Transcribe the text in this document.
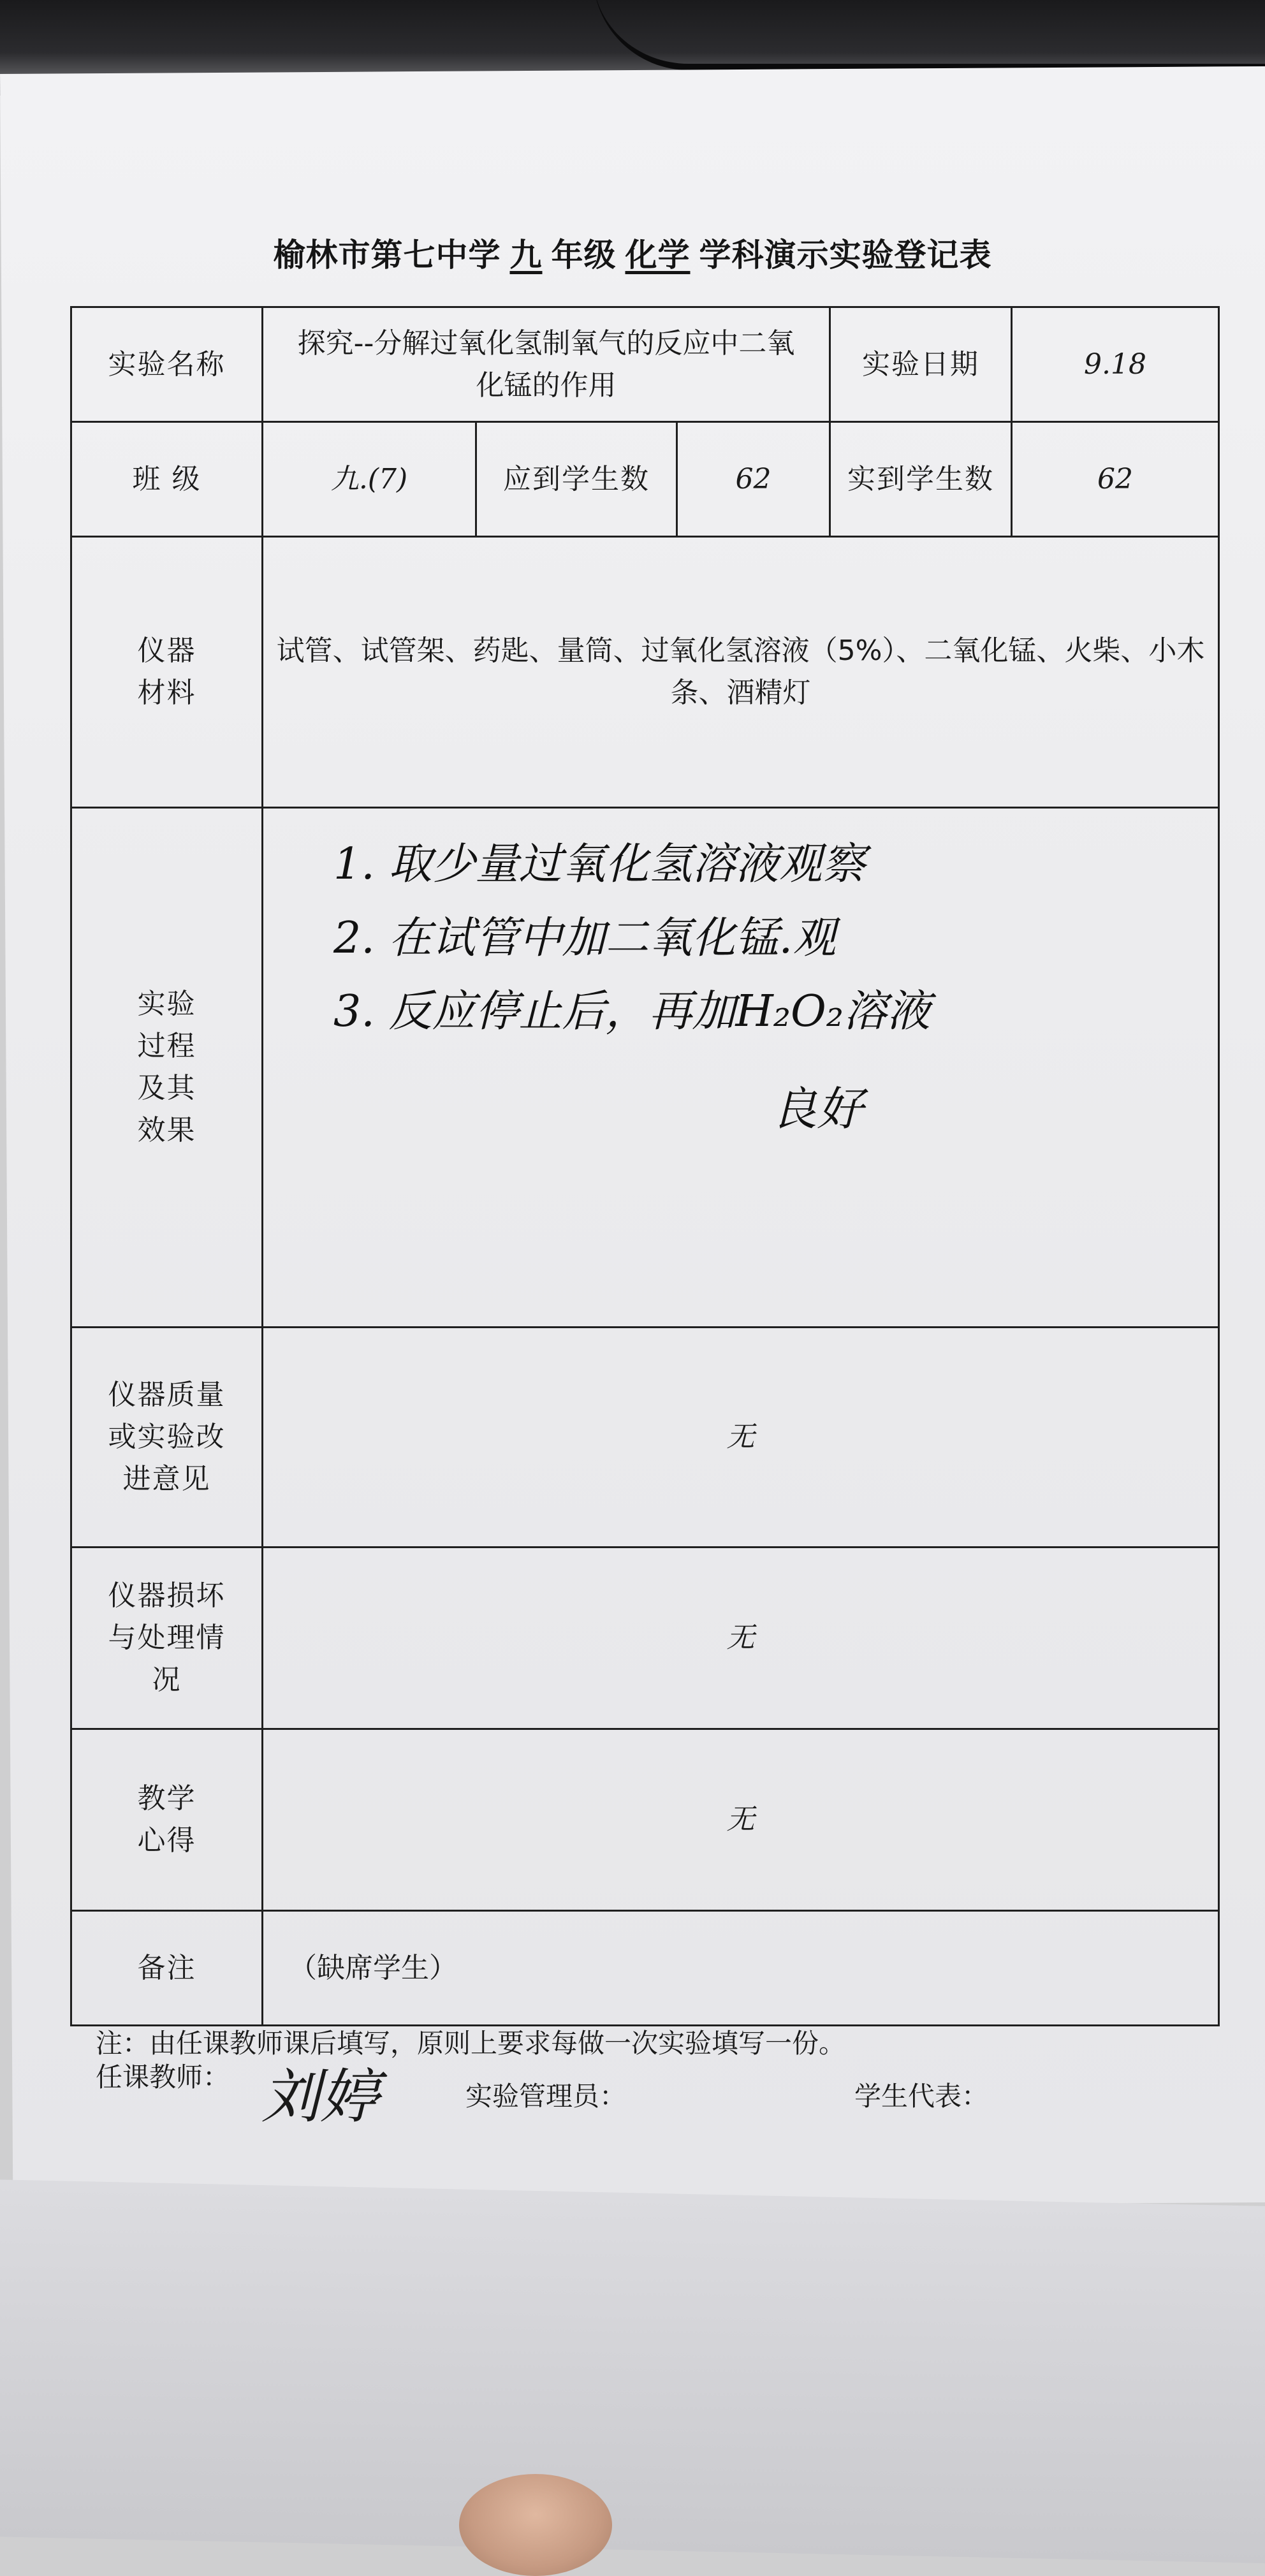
榆林市第七中学 九 年级 化学 学科演示实验登记表
实验名称	探究--分解过氧化氢制氧气的反应中二氧化锰的作用			实验日期	9.18
班 级	九.(7)	应到学生数	62	实到学生数	62
仪器材料	试管、试管架、药匙、量筒、过氧化氢溶液（5%）、二氧化锰、火柴、小木条、酒精灯				
实验过程及其效果	1. 取少量过氧化氢溶液观察
2. 在试管中加二氧化锰.观
3. 反应停止后，再加H₂O₂溶液
良好				

仪器质量或实验改进意见	无				
仪器损坏与处理情况	无				
教学心得	无				
备注	（缺席学生）				
注：由任课教师课后填写，原则上要求每做一次实验填写一份。
任课教师： 刘婷	实验管理员：	学生代表：
